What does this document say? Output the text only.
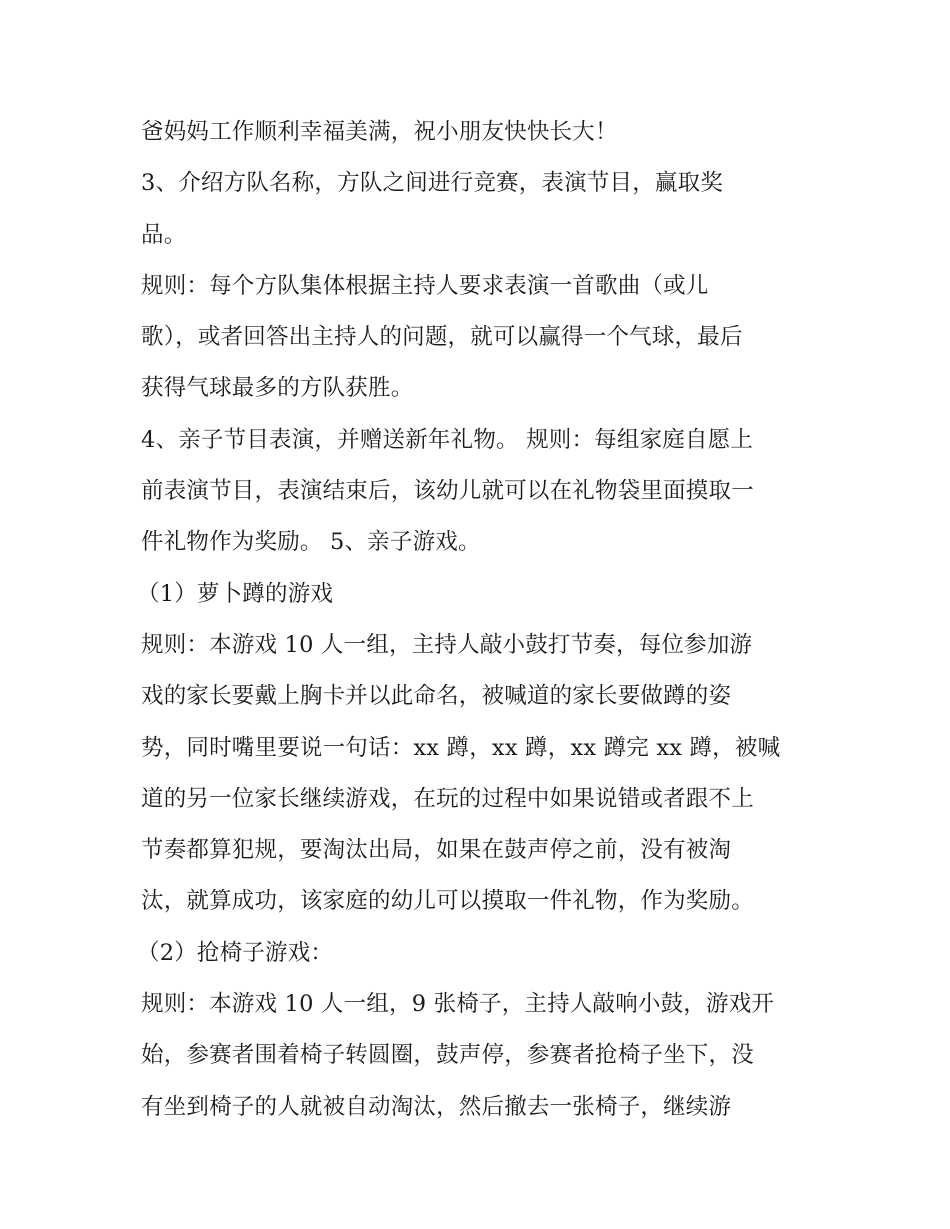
爸妈妈工作顺利幸福美满，祝小朋友快快长大！
3、介绍方队名称，方队之间进行竞赛，表演节目，赢取奖
品。
规则：每个方队集体根据主持人要求表演一首歌曲（或儿
歌），或者回答出主持人的问题，就可以赢得一个气球，最后
获得气球最多的方队获胜。
4、亲子节目表演，并赠送新年礼物。 规则：每组家庭自愿上
前表演节目，表演结束后，该幼儿就可以在礼物袋里面摸取一
件礼物作为奖励。 5、亲子游戏。
（1）萝卜蹲的游戏
规则：本游戏 10 人一组，主持人敲小鼓打节奏，每位参加游
戏的家长要戴上胸卡并以此命名，被喊道的家长要做蹲的姿
势，同时嘴里要说一句话：xx 蹲，xx 蹲，xx 蹲完 xx 蹲，被喊
道的另一位家长继续游戏，在玩的过程中如果说错或者跟不上
节奏都算犯规，要淘汰出局，如果在鼓声停之前，没有被淘
汰，就算成功，该家庭的幼儿可以摸取一件礼物，作为奖励。
（2）抢椅子游戏：
规则：本游戏 10 人一组，9 张椅子，主持人敲响小鼓，游戏开
始，参赛者围着椅子转圆圈，鼓声停，参赛者抢椅子坐下，没
有坐到椅子的人就被自动淘汰，然后撤去一张椅子，继续游
